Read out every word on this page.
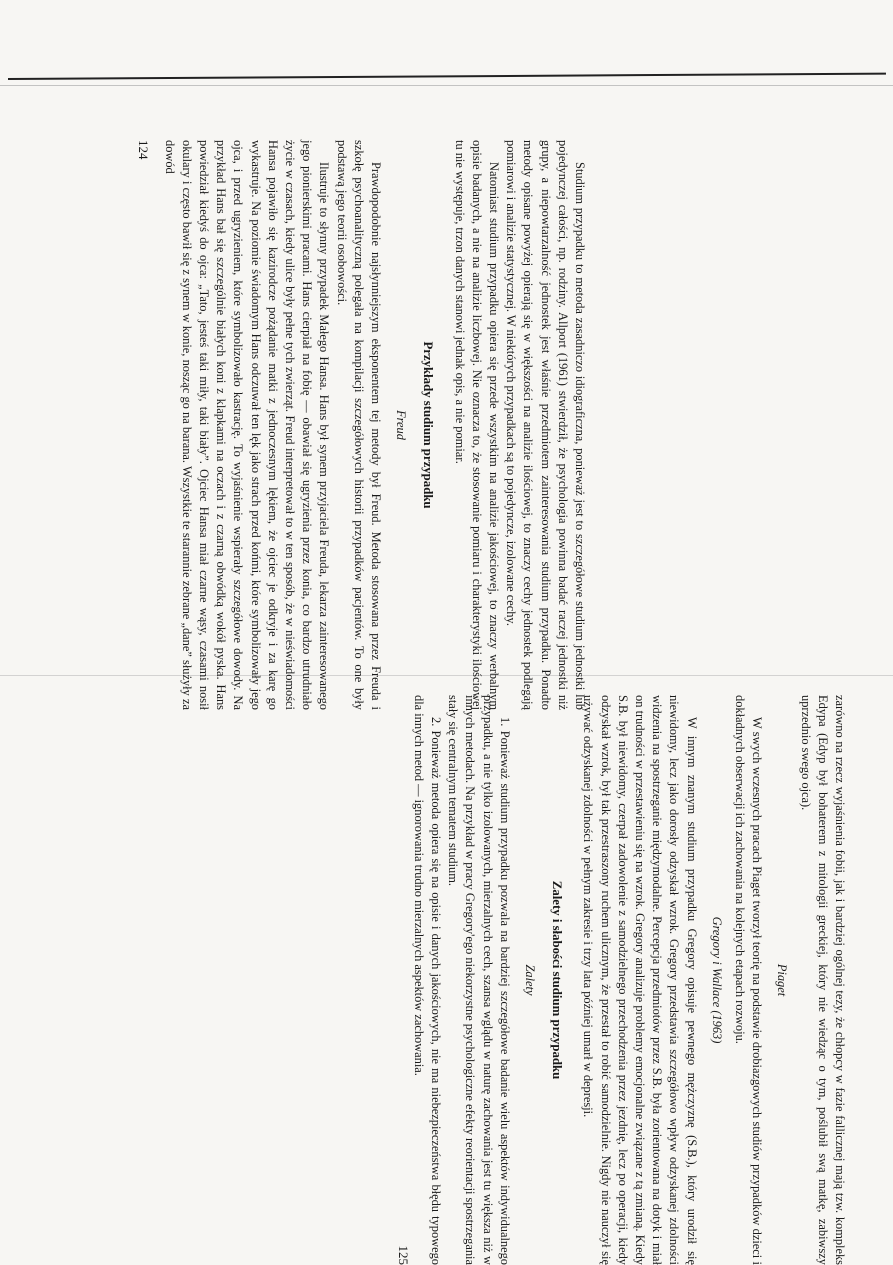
Studium przypadku to metoda zasadniczo idiograficzna, ponieważ jest to szczegółowe studium jednostki lub pojedynczej całości, np. rodziny. Allport (1961) stwierdził, że psychologia powinna badać raczej jednostki niż grupy, a niepowtarzalność jednostek jest właśnie przedmiotem zainteresowania studium przypadku. Ponadto metody opisane powyżej opierają się w większości na analizie ilościowej, to znaczy cechy jednostek podlegają pomiarowi i analizie statystycznej. W niektórych przypadkach są to pojedyncze, izolowane cechy.

Natomiast studium przypadku opiera się przede wszystkim na analizie jakościowej, to znaczy werbalnym opisie badanych, a nie na analizie liczbowej. Nie oznacza to, że stosowanie pomiaru i charakterystyki ilościowej tu nie występuje, trzon danych stanowi jednak opis, a nie pomiar.

Przykłady studium przypadku
Freud

Prawdopodobnie najsłynniejszym eksponentem tej metody był Freud. Metoda stosowana przez Freuda i szkołę psychoanalityczną polegała na kompilacji szczegółowych historii przypadków pacjentów. To one były podstawą jego teorii osobowości.

Ilustruje to słynny przypadek Małego Hansa. Hans był synem przyjaciela Freuda, lekarza zainteresowanego jego pionierskimi pracami. Hans cierpiał na fobię — obawiał się ugryzienia przez konia, co bardzo utrudniało życie w czasach, kiedy ulice były pełne tych zwierząt. Freud interpretował to w ten sposób, że w nieświadomości Hansa pojawiło się kazirodcze pożądanie matki z jednoczesnym lękiem, że ojciec je odkryje i za karę go wykastruje. Na poziomie świadomym Hans odczuwał ten lęk jako strach przed końmi, które symbolizowały jego ojca, i przed ugryzieniem, które symbolizowało kastrację. To wyjaśnienie wspierały szczegółowe dowody. Na przykład Hans bał się szczególnie białych koni z klapkami na oczach i z czarną obwódką wokół pyska. Hans powiedział kiedyś do ojca: „Tato, jesteś taki miły, taki biały”. Ojciec Hansa miał czarne wąsy, czasami nosił okulary i często bawił się z synem w konie, nosząc go na barana. Wszystkie te starannie zebrane „dane” służyły za dowód

124

zarówno na rzecz wyjaśnienia fobii, jak i bardziej ogólnej tezy, że chłopcy w fazie fallicznej mają tzw. kompleks Edypa (Edyp był bohaterem z mitologii greckiej, który nie wiedząc o tym, poślubił swą matkę, zabiwszy uprzednio swego ojca).

Piaget

W swych wczesnych pracach Piaget tworzył teorię na podstawie drobiazgowych studiów przypadków dzieci i dokładnych obserwacji ich zachowania na kolejnych etapach rozwoju.

Gregory i Wallace (1963)

W innym znanym studium przypadku Gregory opisuje pewnego mężczyznę (S.B.), który urodził się niewidomy, lecz jako dorosły odzyskał wzrok. Gregory przedstawia szczegółowo wpływ odzyskanej zdolności widzenia na spostrzeganie międzymodalne. Percepcja przedmiotów przez S.B. była zorientowana na dotyk i miał on trudności w przestawieniu się na wzrok. Gregory analizuje problemy emocjonalne związane z tą zmianą. Kiedy S.B. był niewidomy, czerpał zadowolenie z samodzielnego przechodzenia przez jezdnię, lecz po operacji, kiedy odzyskał wzrok, był tak przestraszony ruchem ulicznym, że przestał to robić samodzielnie. Nigdy nie nauczył się używać odzyskanej zdolności w pełnym zakresie i trzy lata później umarł w depresji.

Zalety i słabości studium przypadku
Zalety

1. Ponieważ studium przypadku pozwala na bardziej szczegółowe badanie wielu aspektów indywidualnego przypadku, a nie tylko izolowanych, mierzalnych cech, szansa wglądu w naturę zachowania jest tu większa niż w innych metodach. Na przykład w pracy Gregory'ego niekorzystne psychologiczne efekty reorientacji spostrzegania stały się centralnym tematem studium.

2. Ponieważ metoda opiera się na opisie i danych jakościowych, nie ma niebezpieczeństwa błędu typowego dla innych metod — ignorowania trudno mierzalnych aspektów zachowania.

125
